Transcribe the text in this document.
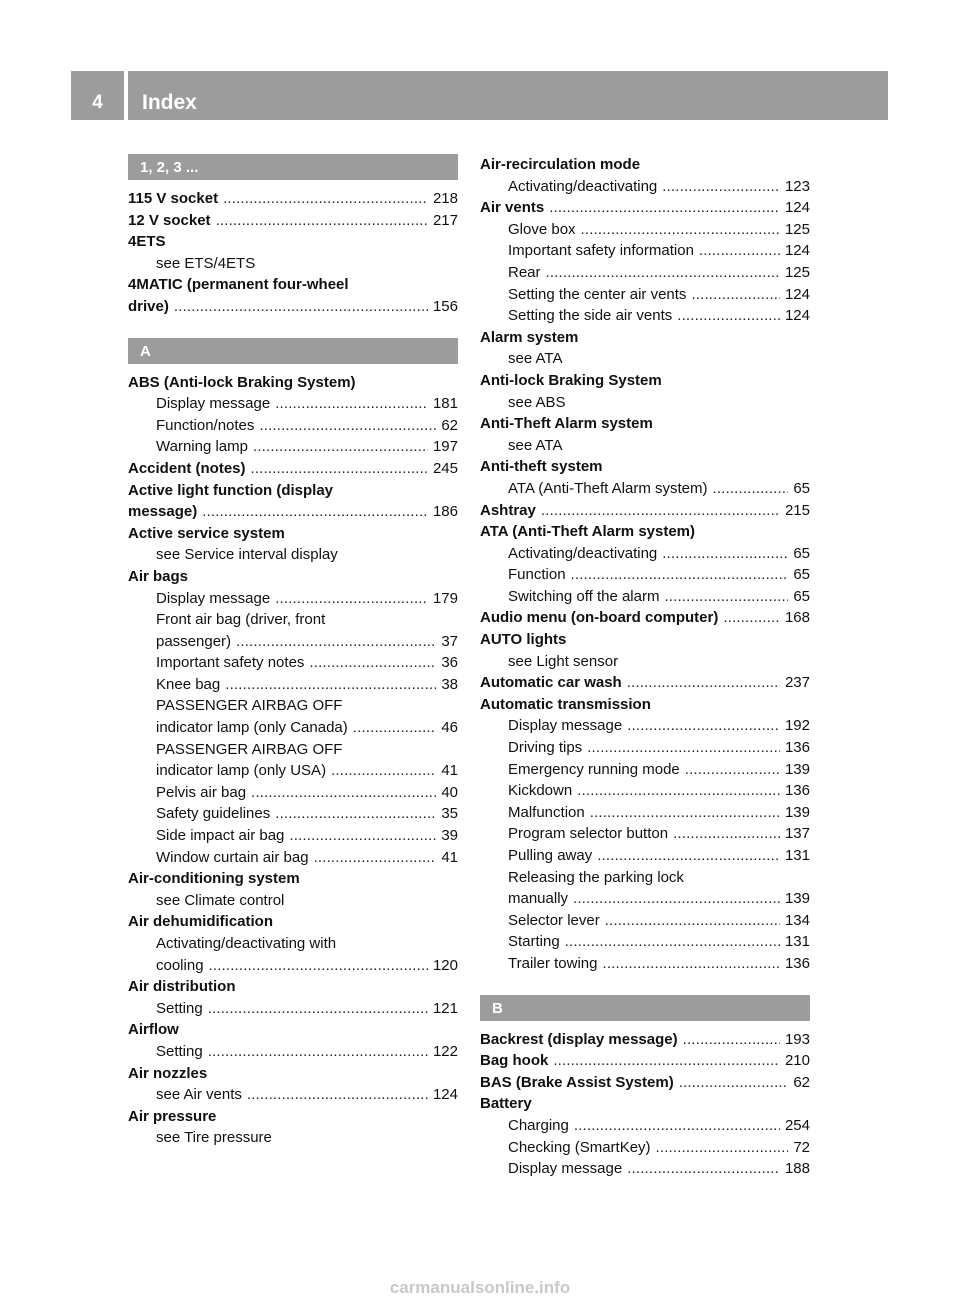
4	Index
1, 2, 3 ...
115 V socket . . .	218
12 V socket . . .	217
4ETS
see ETS/4ETS
4MATIC (permanent four-wheel
drive) . . .	156
A
ABS (Anti-lock Braking System)
Display message . . .	181
Function/notes . . .	62
Warning lamp . . .	197
Accident (notes) . . .	245
Active light function (display
message) . . .	186
Active service system
see Service interval display
Air bags
Display message . . .	179
Front air bag (driver, front
passenger) . . .	37
Important safety notes . . .	36
Knee bag . . .	38
PASSENGER AIRBAG OFF
indicator lamp (only Canada) . . .	46
PASSENGER AIRBAG OFF
indicator lamp (only USA) . . .	41
Pelvis air bag . . .	40
Safety guidelines . . .	35
Side impact air bag . . .	39
Window curtain air bag . . .	41
Air-conditioning system
see Climate control
Air dehumidification
Activating/deactivating with
cooling . . .	120
Air distribution
Setting . . .	121
Airflow
Setting . . .	122
Air nozzles
see Air vents . . .	124
Air pressure
see Tire pressure
Air-recirculation mode
Activating/deactivating . . .	123
Air vents . . .	124
Glove box . . .	125
Important safety information . . .	124
Rear . . .	125
Setting the center air vents . . .	124
Setting the side air vents . . .	124
Alarm system
see ATA
Anti-lock Braking System
see ABS
Anti-Theft Alarm system
see ATA
Anti-theft system
ATA (Anti-Theft Alarm system) . . .	65
Ashtray . . .	215
ATA (Anti-Theft Alarm system)
Activating/deactivating . . .	65
Function . . .	65
Switching off the alarm . . .	65
Audio menu (on-board computer) . . .	168
AUTO lights
see Light sensor
Automatic car wash . . .	237
Automatic transmission
Display message . . .	192
Driving tips . . .	136
Emergency running mode . . .	139
Kickdown . . .	136
Malfunction . . .	139
Program selector button . . .	137
Pulling away . . .	131
Releasing the parking lock
manually . . .	139
Selector lever . . .	134
Starting . . .	131
Trailer towing . . .	136
B
Backrest (display message) . . .	193
Bag hook . . .	210
BAS (Brake Assist System) . . .	62
Battery
Charging . . .	254
Checking (SmartKey) . . .	72
Display message . . .	188
carmanualsonline.info
